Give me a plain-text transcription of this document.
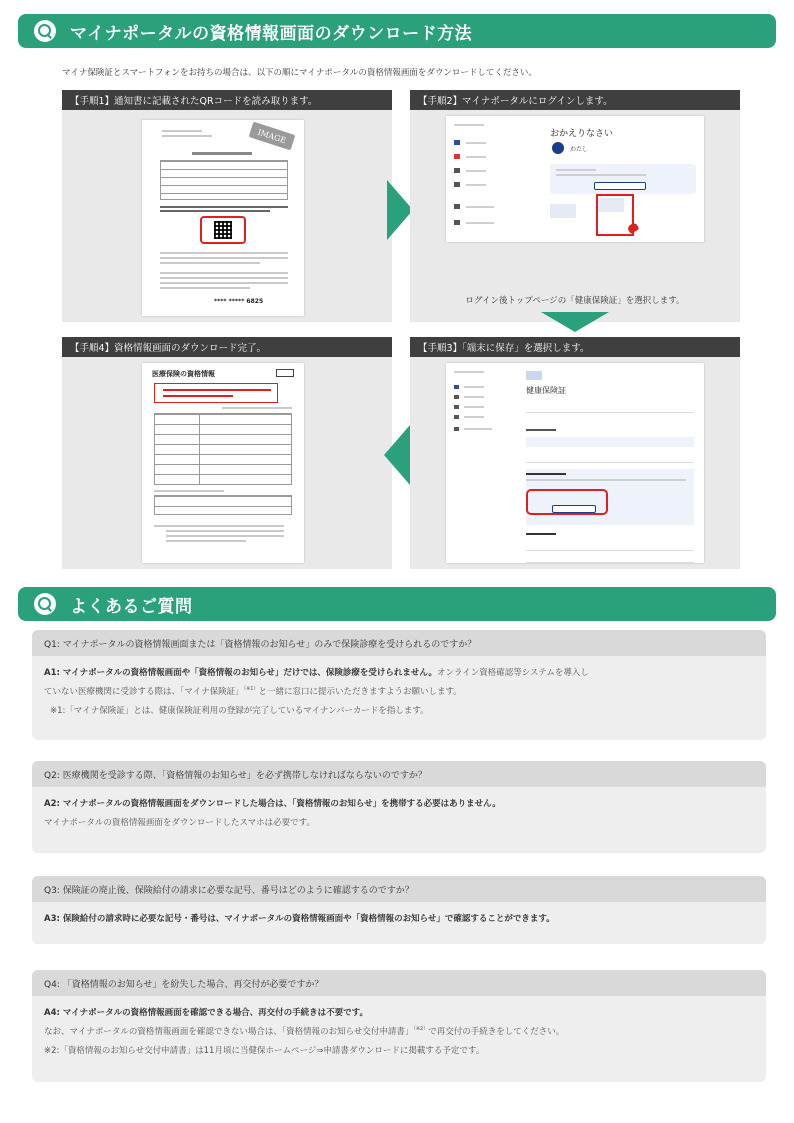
マイナポータルの資格情報画面のダウンロード方法
マイナ保険証とスマートフォンをお持ちの場合は、以下の順にマイナポータルの資格情報画面をダウンロードしてください。
【手順1】通知書に記載されたQRコードを読み取ります。
IMAGE
**** ***** 6825
【手順2】マイナポータルにログインします。
おかえりなさい
わたし
ログイン後トップページの「健康保険証」を選択します。
【手順4】資格情報画面のダウンロード完了。
医療保険の資格情報
【手順3】「端末に保存」を選択します。
健康保険証
よくあるご質問
Q1: マイナポータルの資格情報画面または「資格情報のお知らせ」のみで保険診療を受けられるのですか？
A1: マイナポータルの資格情報画面や「資格情報のお知らせ」だけでは、保険診療を受けられません。オンライン資格確認等システムを導入し
ていない医療機関に受診する際は、「マイナ保険証」$^{(※1)}$と一緒に窓口に提示いただきますようお願いします。
※1:「マイナ保険証」とは、健康保険証利用の登録が完了しているマイナンバーカードを指します。
Q2: 医療機関を受診する際、「資格情報のお知らせ」を必ず携帯しなければならないのですか？
A2: マイナポータルの資格情報画面をダウンロードした場合は、「資格情報のお知らせ」を携帯する必要はありません。
マイナポータルの資格情報画面をダウンロードしたスマホは必要です。
Q3: 保険証の廃止後、保険給付の請求に必要な記号、番号はどのように確認するのですか？
A3: 保険給付の請求時に必要な記号・番号は、マイナポータルの資格情報画面や「資格情報のお知らせ」で確認することができます。
Q4: 「資格情報のお知らせ」を紛失した場合、再交付が必要ですか？
A4: マイナポータルの資格情報画面を確認できる場合、再交付の手続きは不要です。
なお、マイナポータルの資格情報画面を確認できない場合は、「資格情報のお知らせ交付申請書」$^{(※2)}$で再交付の手続きをしてください。
※2:「資格情報のお知らせ交付申請書」は11月頃に当健保ホームページ⇒申請書ダウンロードに掲載する予定です。
